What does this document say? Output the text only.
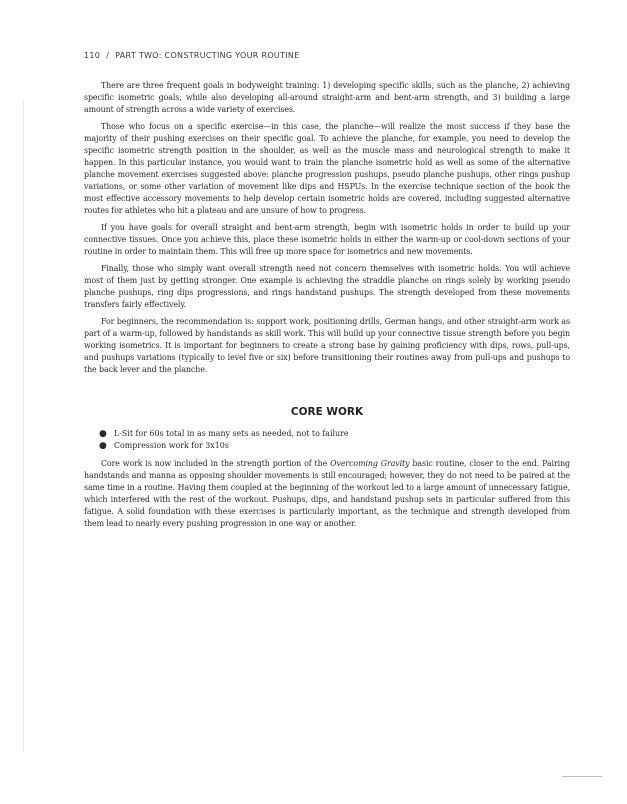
110 / PART TWO: CONSTRUCTING YOUR ROUTINE

There are three frequent goals in bodyweight training: 1) developing specific skills, such as the planche, 2) achieving specific isometric goals, while also developing all-around straight-arm and bent-arm strength, and 3) building a large amount of strength across a wide variety of exercises.

Those who focus on a specific exercise—in this case, the planche—will realize the most success if they base the majority of their pushing exercises on their specific goal. To achieve the planche, for example, you need to develop the specific isometric strength position in the shoulder, as well as the muscle mass and neurological strength to make it happen. In this particular instance, you would want to train the planche isometric hold as well as some of the alternative planche movement exercises suggested above: planche progression pushups, pseudo planche pushups, other rings pushup variations, or some other variation of movement like dips and HSPUs. In the exercise technique section of the book the most effective accessory movements to help develop certain isometric holds are covered, including suggested alternative routes for athletes who hit a plateau and are unsure of how to progress.

If you have goals for overall straight and bent-arm strength, begin with isometric holds in order to build up your connective tissues. Once you achieve this, place these isometric holds in either the warm-up or cool-down sections of your routine in order to maintain them. This will free up more space for isometrics and new movements.

Finally, those who simply want overall strength need not concern themselves with isometric holds. You will achieve most of them just by getting stronger. One example is achieving the straddle planche on rings solely by working pseudo planche pushups, ring dips progressions, and rings handstand pushups. The strength developed from these movements transfers fairly effectively.

For beginners, the recommendation is: support work, positioning drills, German hangs, and other straight-arm work as part of a warm-up, followed by handstands as skill work. This will build up your connective tissue strength before you begin working isometrics. It is important for beginners to create a strong base by gaining proficiency with dips, rows, pull-ups, and pushups variations (typically to level five or six) before transitioning their routines away from pull-ups and pushups to the back lever and the planche.

CORE WORK
● L-Sit for 60s total in as many sets as needed, not to failure
● Compression work for 3x10s

Core work is now included in the strength portion of the Overcoming Gravity basic routine, closer to the end. Pairing handstands and manna as opposing shoulder movements is still encouraged; however, they do not need to be paired at the same time in a routine. Having them coupled at the beginning of the workout led to a large amount of unnecessary fatigue, which interfered with the rest of the workout. Pushups, dips, and handstand pushup sets in particular suffered from this fatigue. A solid foundation with these exercises is particularly important, as the technique and strength developed from them lead to nearly every pushing progression in one way or another.
